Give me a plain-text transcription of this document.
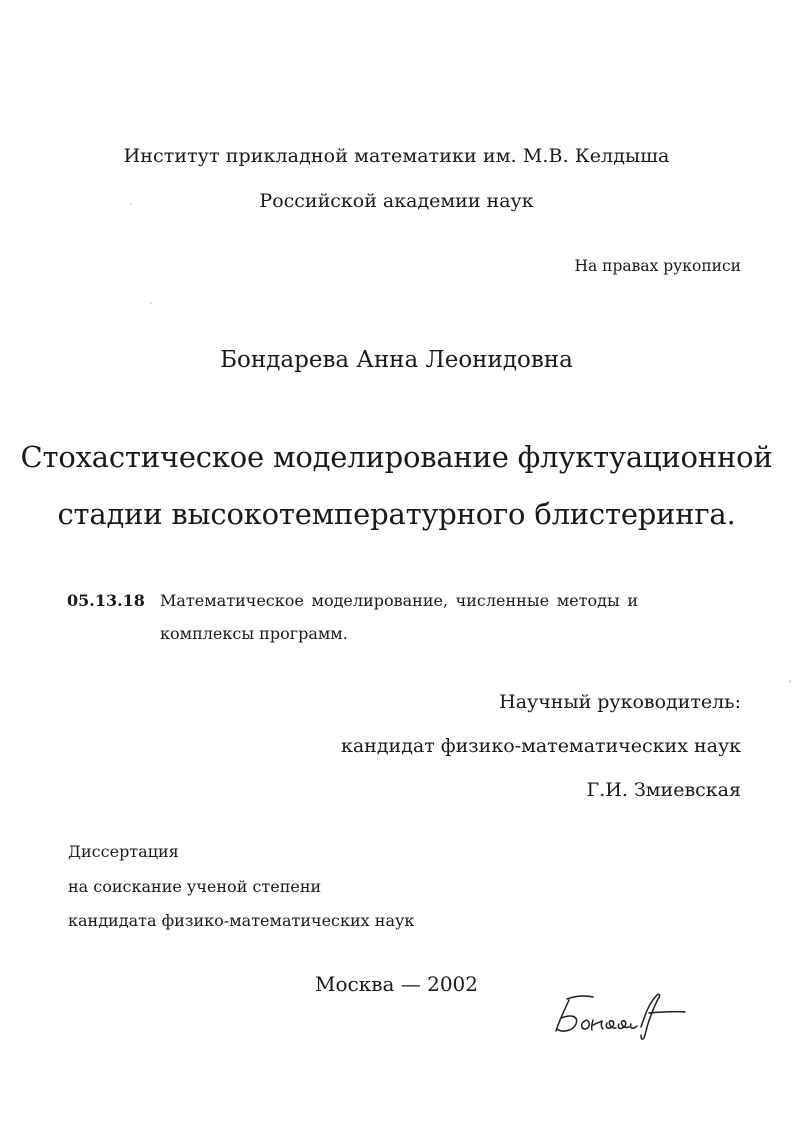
Институт прикладной математики им. М.В. Келдыша
Российской академии наук
На правах рукописи
Бондарева Анна Леонидовна
Стохастическое моделирование флуктуационной
стадии высокотемпературного блистеринга.
05.13.18 Математическое моделирование, численные методы и
комплексы программ.
Научный руководитель:
кандидат физико-математических наук
Г.И. Змиевская
Диссертация
на соискание ученой степени
кандидата физико-математических наук
Москва — 2002
